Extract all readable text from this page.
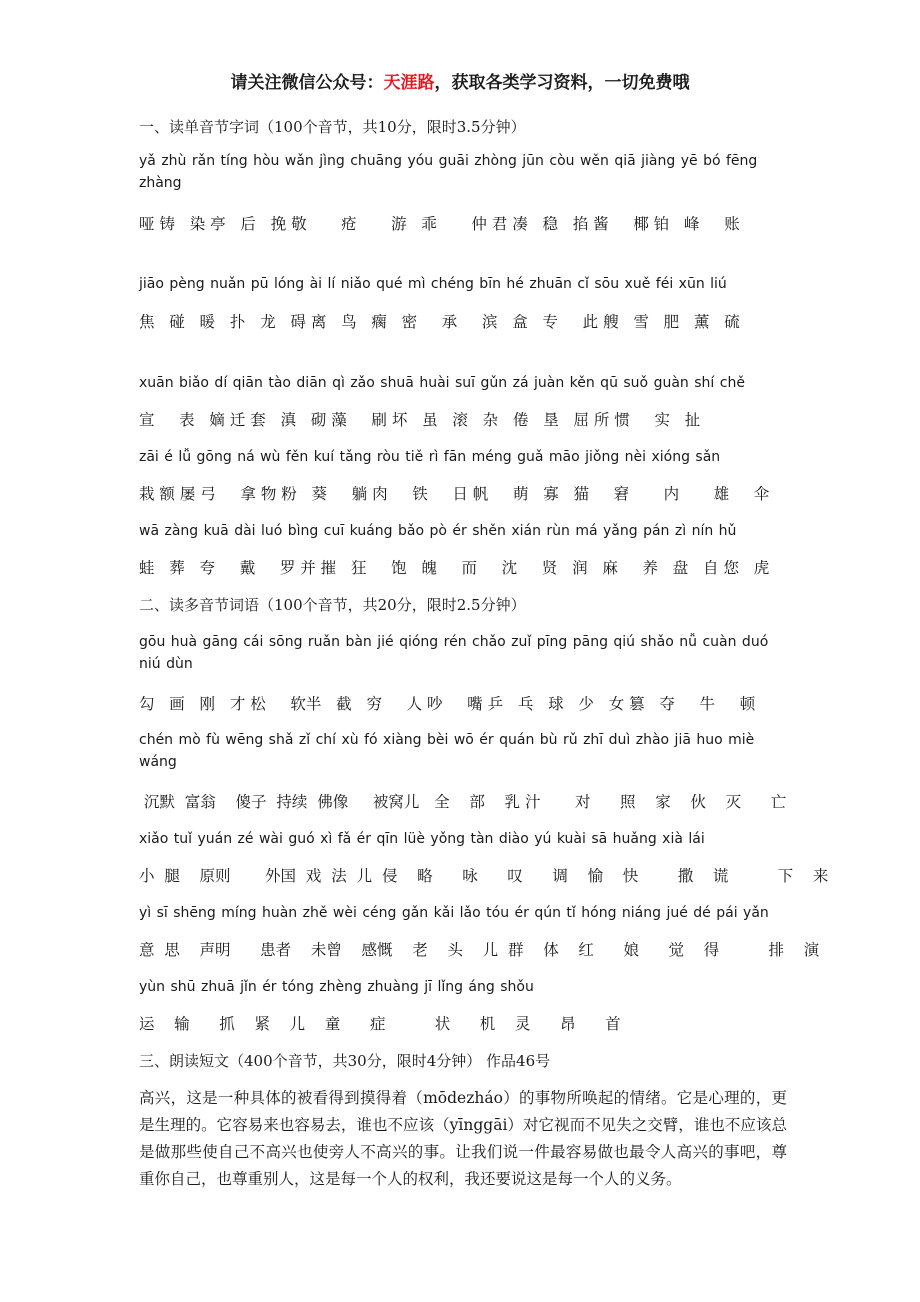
请关注微信公众号：天涯路，获取各类学习资料，一切免费哦
一、读单音节字词（100个音节，共10分，限时3.5分钟）
yǎ zhù rǎn tíng hòu wǎn jìng chuāng yóu guāi zhòng jūn còu wěn qiā jiàng yē bó fēng zhàng
哑 铸   染 亭   后   挽 敬       疮       游   乖       仲 君 凑   稳   掐 酱     椰 铂   峰     账
jiāo pèng nuǎn pū lóng ài lí niǎo qué mì chéng bīn hé zhuān cǐ sōu xuě féi xūn liú
焦   碰   暖   扑   龙   碍 离   鸟   瘸   密     承     滨   盒   专     此 艘   雪   肥   薰   硫
xuān biǎo dí qiān tào diān qì zǎo shuā huài suī gǔn zá juàn kěn qū suǒ guàn shí chě
宣     表   嫡 迁 套   滇   砌 藻     刷 坏   虽   滚   杂   倦   垦   屈 所 惯     实   扯
zāi é lǚ gōng ná wù fěn kuí tǎng ròu tiě rì fān méng guǎ māo jiǒng nèi xióng sǎn
栽 额 屡 弓     拿 物 粉   葵     躺 肉     铁     日 帆     萌   寡   猫     窘       内       雄     伞
wā zàng kuā dài luó bìng cuī kuáng bǎo pò ér shěn xián rùn má yǎng pán zì nín hǔ
蛙   葬   夸     戴     罗 并 摧   狂     饱   魄     而     沈     贤   润   麻     养   盘   自 您   虎
二、读多音节词语（100个音节，共20分，限时2.5分钟）
gōu huà gāng cái sōng ruǎn bàn jié qióng rén chǎo zuǐ pīng pāng qiú shǎo nǚ cuàn duó niú dùn
勾   画   刚   才 松     软半   截   穷     人 吵     嘴 乒   乓   球   少   女 篡   夺     牛     顿
chén mò fù wēng shǎ zǐ chí xù fó xiàng bèi wō ér quán bù rǔ zhī duì zhào jiā huo miè wáng
沉默  富翁    傻子  持续  佛像     被窝儿   全    部    乳 汁       对      照    家    伙    灭      亡
xiǎo tuǐ yuán zé wài guó xì fǎ ér qīn lüè yǒng tàn diào yú kuài sā huǎng xià lái
小  腿    原则       外国  戏  法  儿  侵    略      咏      叹      调    愉    快        撒    谎          下    来
yì sī shēng míng huàn zhě wèi céng gǎn kǎi lǎo tóu ér qún tǐ hóng niáng jué dé pái yǎn
意  思    声明      患者    未曾    感慨    老    头    儿  群    体    红      娘      觉    得          排    演
yùn shū zhuā jǐn ér tóng zhèng zhuàng jī lǐng áng shǒu
运    输      抓    紧    儿    童      症          状      机    灵      昂      首
三、朗读短文（400个音节，共30分，限时4分钟） 作品46号

高兴，这是一种具体的被看得到摸得着（mōdezháo）的事物所唤起的情绪。它是心理的，更是生理的。它容易来也容易去，谁也不应该（yīnggāi）对它视而不见失之交臂，谁也不应该总是做那些使自己不高兴也使旁人不高兴的事。让我们说一件最容易做也最令人高兴的事吧，尊重你自己，也尊重别人，这是每一个人的权利，我还要说这是每一个人的义务。
